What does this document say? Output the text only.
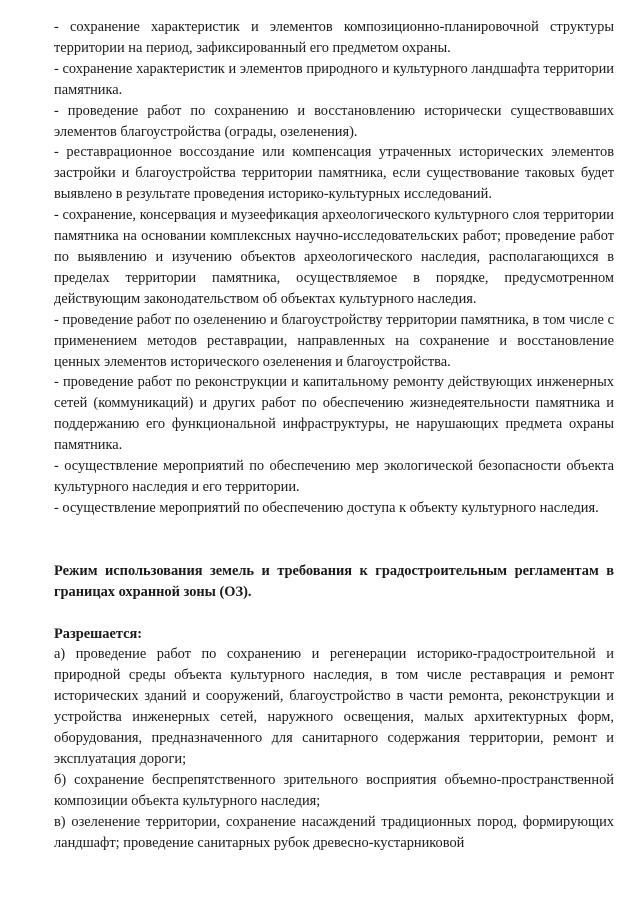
- сохранение характеристик и элементов композиционно-планировочной структуры территории на период, зафиксированный его предметом охраны.

- сохранение характеристик и элементов природного и культурного ландшафта территории памятника.

- проведение работ по сохранению и восстановлению исторически существовавших элементов благоустройства (ограды, озеленения).

- реставрационное воссоздание или компенсация утраченных исторических элементов застройки и благоустройства территории памятника, если существование таковых будет выявлено в результате проведения историко-культурных исследований.

- сохранение, консервация и музеефикация археологического культурного слоя территории памятника на основании комплексных научно-исследовательских работ; проведение работ по выявлению и изучению объектов археологического наследия, располагающихся в пределах территории памятника, осуществляемое в порядке, предусмотренном действующим законодательством об объектах культурного наследия.

- проведение работ по озеленению и благоустройству территории памятника, в том числе с применением методов реставрации, направленных на сохранение и восстановление ценных элементов исторического озеленения и благоустройства.

- проведение работ по реконструкции и капитальному ремонту действующих инженерных сетей (коммуникаций) и других работ по обеспечению жизнедеятельности памятника и поддержанию его функциональной инфраструктуры, не нарушающих предмета охраны памятника.

- осуществление мероприятий по обеспечению мер экологической безопасности объекта культурного наследия и его территории.

- осуществление мероприятий по обеспечению доступа к объекту культурного наследия.

Режим использования земель и требования к градостроительным регламентам в границах охранной зоны (ОЗ).

Разрешается:

а) проведение работ по сохранению и регенерации историко-градостроительной и природной среды объекта культурного наследия, в том числе реставрация и ремонт исторических зданий и сооружений, благоустройство в части ремонта, реконструкции и устройства инженерных сетей, наружного освещения, малых архитектурных форм, оборудования, предназначенного для санитарного содержания территории, ремонт и эксплуатация дороги;

б) сохранение беспрепятственного зрительного восприятия объемно-пространственной композиции объекта культурного наследия;

в) озеленение территории, сохранение насаждений традиционных пород, формирующих ландшафт; проведение санитарных рубок древесно-кустарниковой
